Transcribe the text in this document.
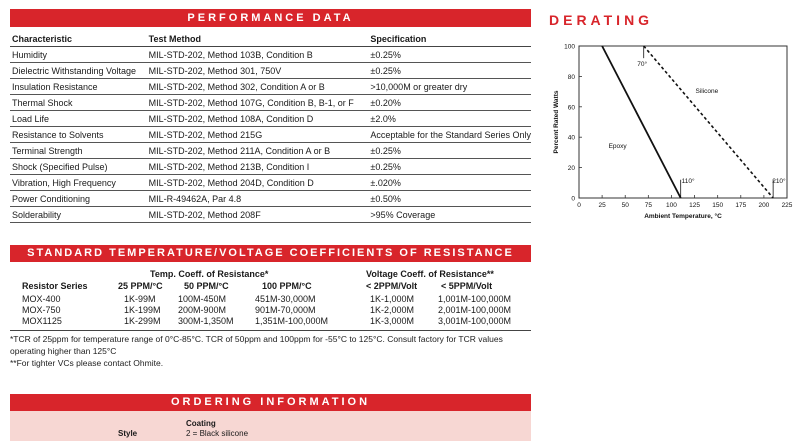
PERFORMANCE DATA
Characteristic	Test Method	Specification
Humidity	MIL-STD-202, Method 103B, Condition B	±0.25%
Dielectric Withstanding Voltage	MIL-STD-202, Method 301, 750V	±0.25%
Insulation Resistance	MIL-STD-202, Method 302, Condition A or B	>10,000M or greater dry
Thermal Shock	MIL-STD-202, Method 107G, Condition B, B-1, or F	±0.20%
Load Life	MIL-STD-202, Method 108A, Condition D	±2.0%
Resistance to Solvents	MIL-STD-202, Method 215G	Acceptable for the Standard Series Only
Terminal Strength	MIL-STD-202, Method 211A, Condition A or B	±0.25%
Shock (Specified Pulse)	MIL-STD-202, Method 213B, Condition I	±0.25%
Vibration, High Frequency	MIL-STD-202, Method 204D, Condition D	±.020%
Power Conditioning	MIL-R-49462A, Par 4.8	±0.50%
Solderability	MIL-STD-202, Method 208F	>95% Coverage
STANDARD TEMPERATURE/VOLTAGE COEFFICIENTS OF RESISTANCE
Temp. Coeff. of Resistance*	Voltage Coeff. of Resistance**
Resistor Series	25 PPM/°C 50 PPM/°C	100 PPM/°C	< 2PPM/Volt	< 5PPM/Volt
MOX-400	1K-99M 100M-450M	451M-30,000M	1K-1,000M	1,001M-100,000M
MOX-750	1K-199M 200M-900M	901M-70,000M	1K-2,000M	2,001M-100,000M
MOX1125	1K-299M 300M-1,350M 1,351M-100,000M	1K-3,000M	3,001M-100,000M
*TCR of 25ppm for temperature range of 0°C-85°C. TCR of 50ppm and 100ppm for -55°C to 125°C. Consult factory for TCR values operating higher than 125°C
**For tighter VCs please contact Ohmite.
ORDERING INFORMATION
Coating
Style	2 = Black silicone
DERATING
0	25 50 75 100 125 150 175 200 225
0
20
40
60
80
100
Ambient Temperature, °C
Percent Rated Watts	Epoxy
Silicone
70°
110°	210°
